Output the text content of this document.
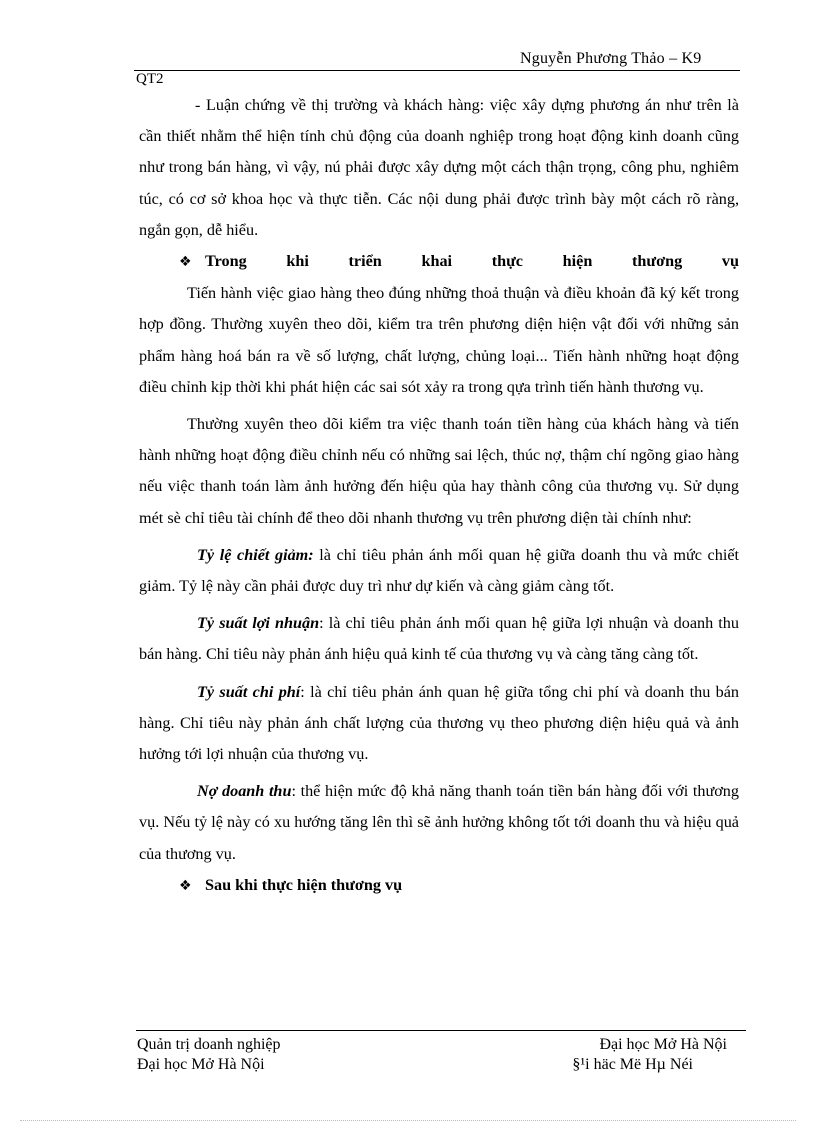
Nguyễn Phương Thảo – K9
QT2

- Luận chứng về thị trường và khách hàng: việc xây dựng phương án như trên là cần thiết nhằm thể hiện tính chủ động của doanh nghiệp trong hoạt động kinh doanh cũng như trong bán hàng, vì vậy, nú phải được xây dựng một cách thận trọng, công phu, nghiêm túc, có cơ sở khoa học và thực tiễn. Các nội dung phải được trình bày một cách rõ ràng, ngắn gọn, dễ hiểu.

❖ Trong khi triển khai thực hiện thương vụ

Tiến hành việc giao hàng theo đúng những thoả thuận và điều khoản đã ký kết trong hợp đồng. Thường xuyên theo dõi, kiểm tra trên phương diện hiện vật đối với những sản phẩm hàng hoá bán ra về số lượng, chất lượng, chủng loại... Tiến hành những hoạt động điều chỉnh kịp thời khi phát hiện các sai sót xảy ra trong qựa trình tiến hành thương vụ.

Thường xuyên theo dõi kiểm tra việc thanh toán tiền hàng của khách hàng và tiến hành những hoạt động điều chỉnh nếu có những sai lệch, thúc nợ, thậm chí ngõng giao hàng nếu việc thanh toán làm ảnh hưởng đến hiệu qủa hay thành công của thương vụ. Sử dụng mét sè chỉ tiêu tài chính để theo dõi nhanh thương vụ trên phương diện tài chính như:

Tỷ lệ chiết giảm: là chỉ tiêu phản ánh mối quan hệ giữa doanh thu và mức chiết giảm. Tỷ lệ này cần phải được duy trì như dự kiến và càng giảm càng tốt.

Tỷ suất lợi nhuận: là chỉ tiêu phản ánh mối quan hệ giữa lợi nhuận và doanh thu bán hàng. Chỉ tiêu này phản ánh hiệu quả kinh tế của thương vụ và càng tăng càng tốt.

Tỷ suất chi phí: là chỉ tiêu phản ánh quan hệ giữa tổng chi phí và doanh thu bán hàng. Chỉ tiêu này phản ánh chất lượng của thương vụ theo phương diện hiệu quả và ảnh hưởng tới lợi nhuận của thương vụ.

Nợ doanh thu: thể hiện mức độ khả năng thanh toán tiền bán hàng đối với thương vụ. Nếu tỷ lệ này có xu hướng tăng lên thì sẽ ảnh hưởng không tốt tới doanh thu và hiệu quả của thương vụ.

❖ Sau khi thực hiện thương vụ
Quản trị doanh nghiệp	Đại học Mở Hà Nội
Đại học Mở Hà Nội	§¹i häc Më Hµ Néi
